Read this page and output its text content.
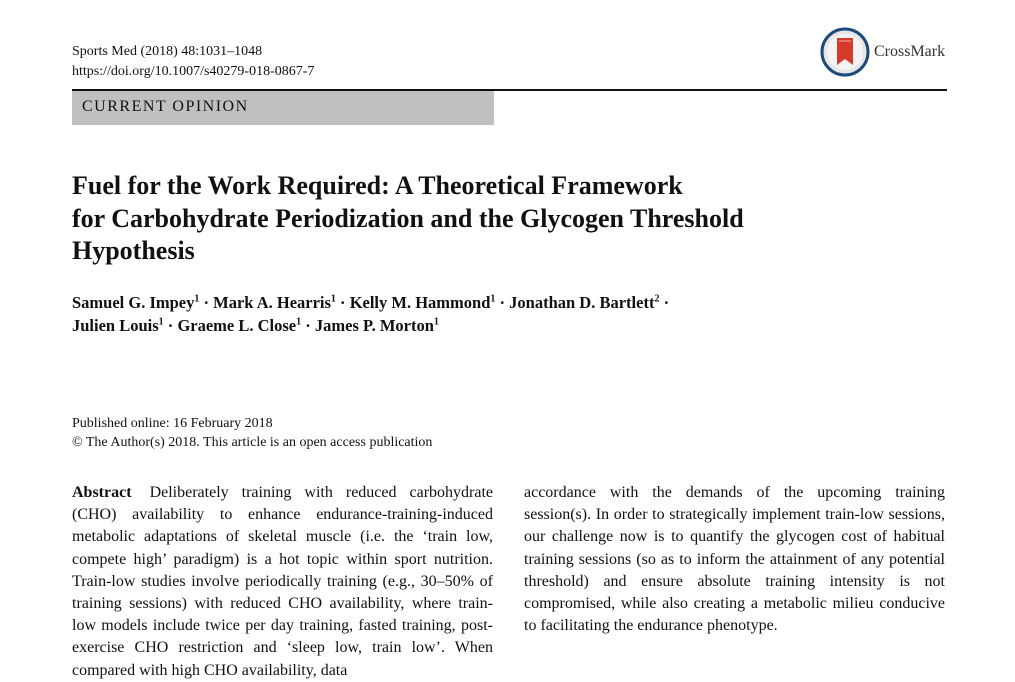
Sports Med (2018) 48:1031–1048
https://doi.org/10.1007/s40279-018-0867-7
CrossMark
CURRENT OPINION
Fuel for the Work Required: A Theoretical Framework
for Carbohydrate Periodization and the Glycogen Threshold
Hypothesis
Samuel G. Impey$^1$ · Mark A. Hearris$^1$ · Kelly M. Hammond$^1$ · Jonathan D. Bartlett$^2$ ·
Julien Louis$^1$ · Graeme L. Close$^1$ · James P. Morton$^1$
Published online: 16 February 2018
© The Author(s) 2018. This article is an open access publication
Abstract Deliberately training with reduced carbohydrate (CHO) availability to enhance endurance-training-induced metabolic adaptations of skeletal muscle (i.e. the ‘train low, compete high’ paradigm) is a hot topic within sport nutrition. Train-low studies involve periodically training (e.g., 30–50% of training sessions) with reduced CHO availability, where train-low models include twice per day training, fasted training, post-exercise CHO restriction and ‘sleep low, train low’. When compared with high CHO availability, data
accordance with the demands of the upcoming training session(s). In order to strategically implement train-low sessions, our challenge now is to quantify the glycogen cost of habitual training sessions (so as to inform the attainment of any potential threshold) and ensure absolute training intensity is not compromised, while also creating a metabolic milieu conducive to facilitating the endurance phenotype.
